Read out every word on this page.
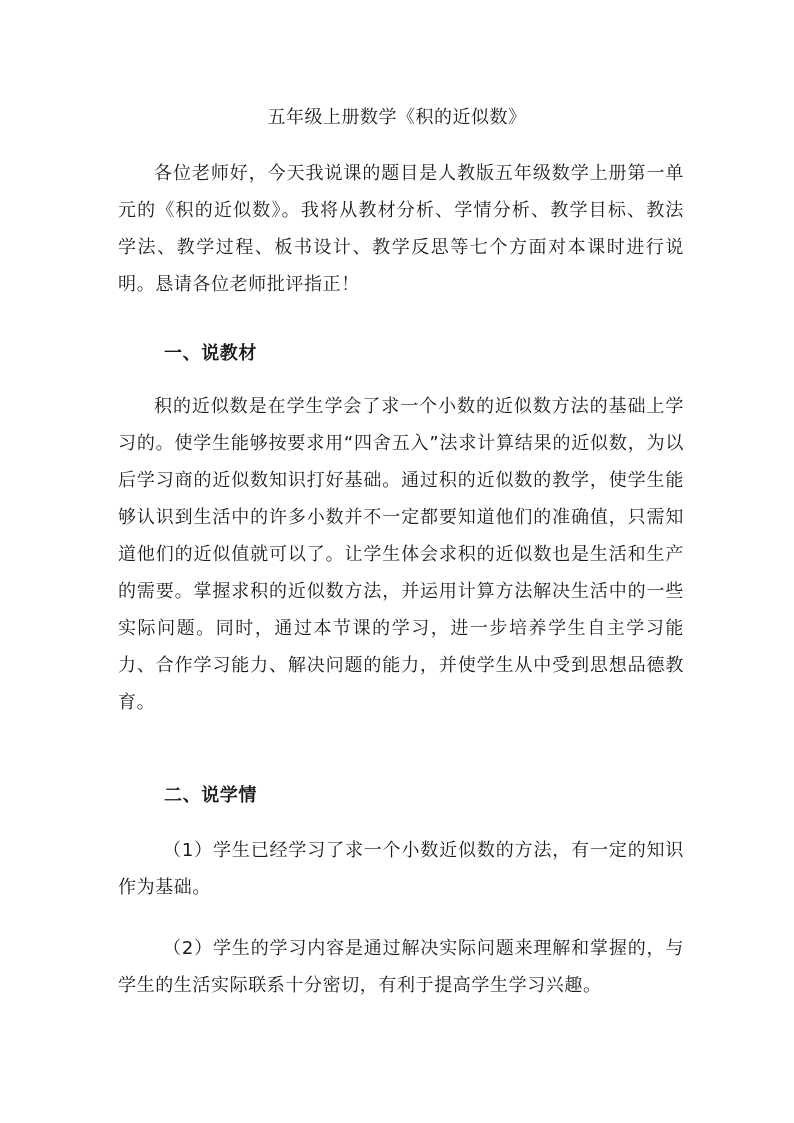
五年级上册数学《积的近似数》

各位老师好，今天我说课的题目是人教版五年级数学上册第一单元的《积的近似数》。我将从教材分析、学情分析、教学目标、教法学法、教学过程、板书设计、教学反思等七个方面对本课时进行说明。恳请各位老师批评指正！

一、说教材

积的近似数是在学生学会了求一个小数的近似数方法的基础上学习的。使学生能够按要求用“四舍五入”法求计算结果的近似数，为以后学习商的近似数知识打好基础。通过积的近似数的教学，使学生能够认识到生活中的许多小数并不一定都要知道他们的准确值，只需知道他们的近似值就可以了。让学生体会求积的近似数也是生活和生产的需要。掌握求积的近似数方法，并运用计算方法解决生活中的一些实际问题。同时，通过本节课的学习，进一步培养学生自主学习能力、合作学习能力、解决问题的能力，并使学生从中受到思想品德教育。

二、说学情

（1）学生已经学习了求一个小数近似数的方法，有一定的知识作为基础。

（2）学生的学习内容是通过解决实际问题来理解和掌握的，与学生的生活实际联系十分密切，有利于提高学生学习兴趣。
